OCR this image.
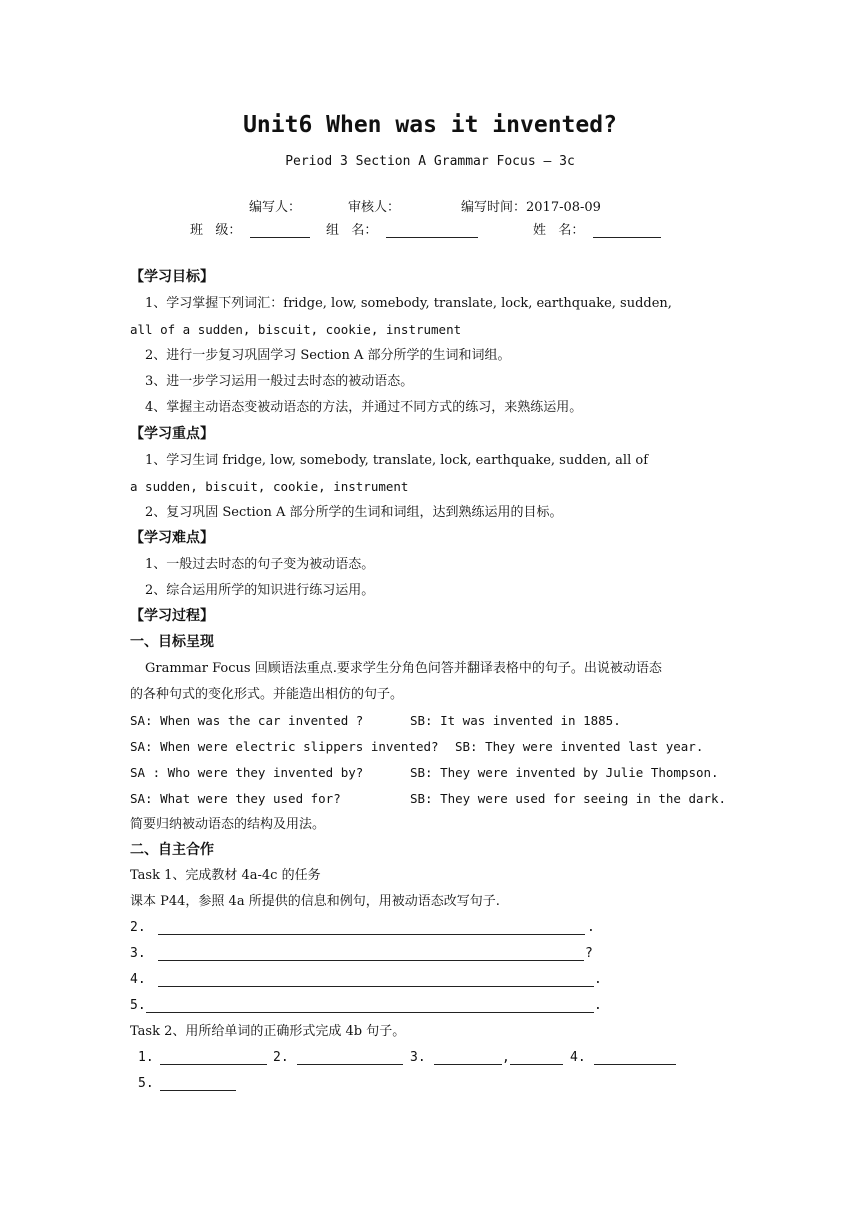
Unit6 When was it invented?
Period 3 Section A Grammar Focus – 3c
编写人：	审核人：	编写时间：2017-08-09
班   级：	组   名：	姓   名：
【学习目标】
1、学习掌握下列词汇：fridge, low, somebody, translate, lock, earthquake, sudden,
all of a sudden, biscuit, cookie, instrument
2、进行一步复习巩固学习 Section A 部分所学的生词和词组。
3、进一步学习运用一般过去时态的被动语态。
4、掌握主动语态变被动语态的方法，并通过不同方式的练习，来熟练运用。
【学习重点】
1、学习生词 fridge, low, somebody, translate, lock, earthquake, sudden, all of
a sudden, biscuit, cookie, instrument
2、复习巩固 Section A 部分所学的生词和词组，达到熟练运用的目标。
【学习难点】
1、一般过去时态的句子变为被动语态。
2、综合运用所学的知识进行练习运用。
【学习过程】
一、目标呈现
Grammar Focus 回顾语法重点.要求学生分角色问答并翻译表格中的句子。出说被动语态
的各种句式的变化形式。并能造出相仿的句子。
SA: When was the car invented ?	SB: It was invented in 1885.
SA: When were electric slippers invented? SB: They were invented last year.
SA : Who were they invented by?	SB: They were invented by Julie Thompson.
SA: What were they used for?	SB: They were used for seeing in the dark.
简要归纳被动语态的结构及用法。
二、自主合作
Task 1、完成教材 4a-4c 的任务
课本 P44，参照 4a 所提供的信息和例句，用被动语态改写句子.
2.	.
3.	?
4.	.
5.	.
Task 2、用所给单词的正确形式完成 4b 句子。
1.	2.	3.	,	4.
5.
